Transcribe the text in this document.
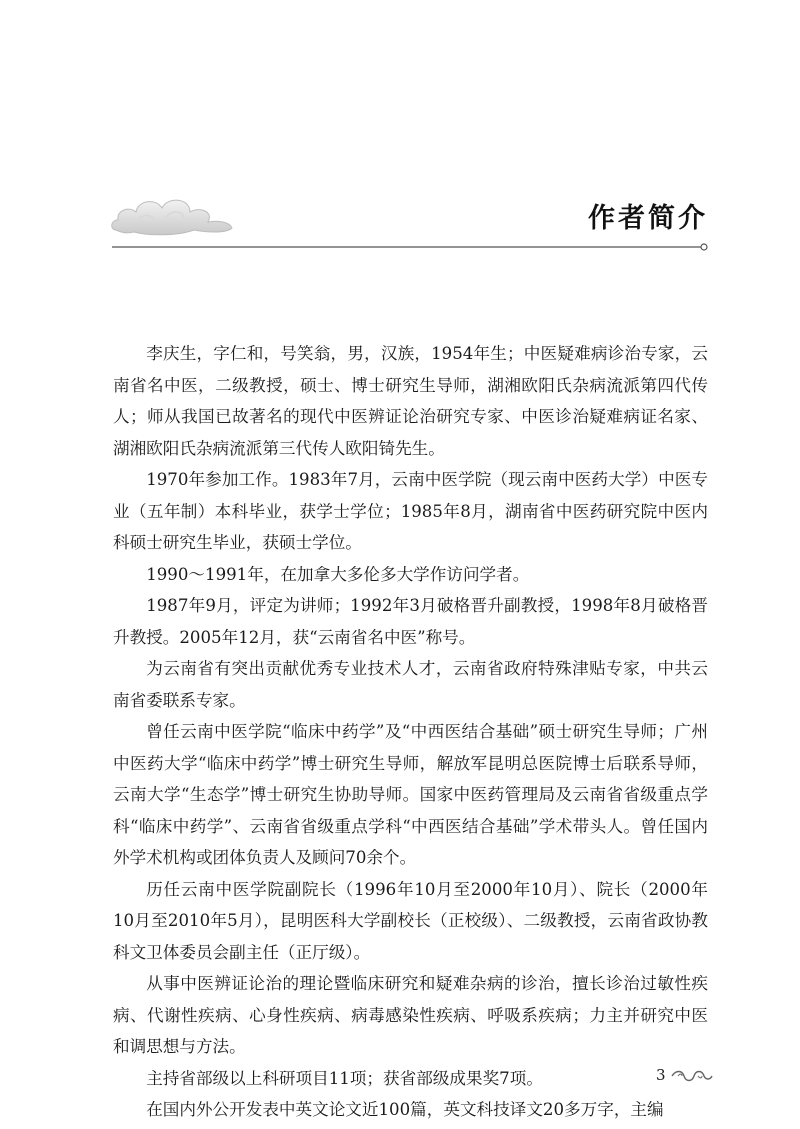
作者简介

李庆生，字仁和，号笑翁，男，汉族，1954年生；中医疑难病诊治专家，云南省名中医，二级教授，硕士、博士研究生导师，湖湘欧阳氏杂病流派第四代传人；师从我国已故著名的现代中医辨证论治研究专家、中医诊治疑难病证名家、湖湘欧阳氏杂病流派第三代传人欧阳锜先生。

1970年参加工作。1983年7月，云南中医学院（现云南中医药大学）中医专业（五年制）本科毕业，获学士学位；1985年8月，湖南省中医药研究院中医内科硕士研究生毕业，获硕士学位。

1990～1991年，在加拿大多伦多大学作访问学者。

1987年9月，评定为讲师；1992年3月破格晋升副教授，1998年8月破格晋升教授。2005年12月，获“云南省名中医”称号。

为云南省有突出贡献优秀专业技术人才，云南省政府特殊津贴专家，中共云南省委联系专家。

曾任云南中医学院“临床中药学”及“中西医结合基础”硕士研究生导师；广州中医药大学“临床中药学”博士研究生导师，解放军昆明总医院博士后联系导师，云南大学“生态学”博士研究生协助导师。国家中医药管理局及云南省省级重点学科“临床中药学”、云南省省级重点学科“中西医结合基础”学术带头人。曾任国内外学术机构或团体负责人及顾问70余个。

历任云南中医学院副院长（1996年10月至2000年10月）、院长（2000年10月至2010年5月），昆明医科大学副校长（正校级）、二级教授，云南省政协教科文卫体委员会副主任（正厅级）。

从事中医辨证论治的理论暨临床研究和疑难杂病的诊治，擅长诊治过敏性疾病、代谢性疾病、心身性疾病、病毒感染性疾病、呼吸系疾病；力主并研究中医和调思想与方法。

主持省部级以上科研项目11项；获省部级成果奖7项。

在国内外公开发表中英文论文近100篇，英文科技译文20多万字，主编

3
